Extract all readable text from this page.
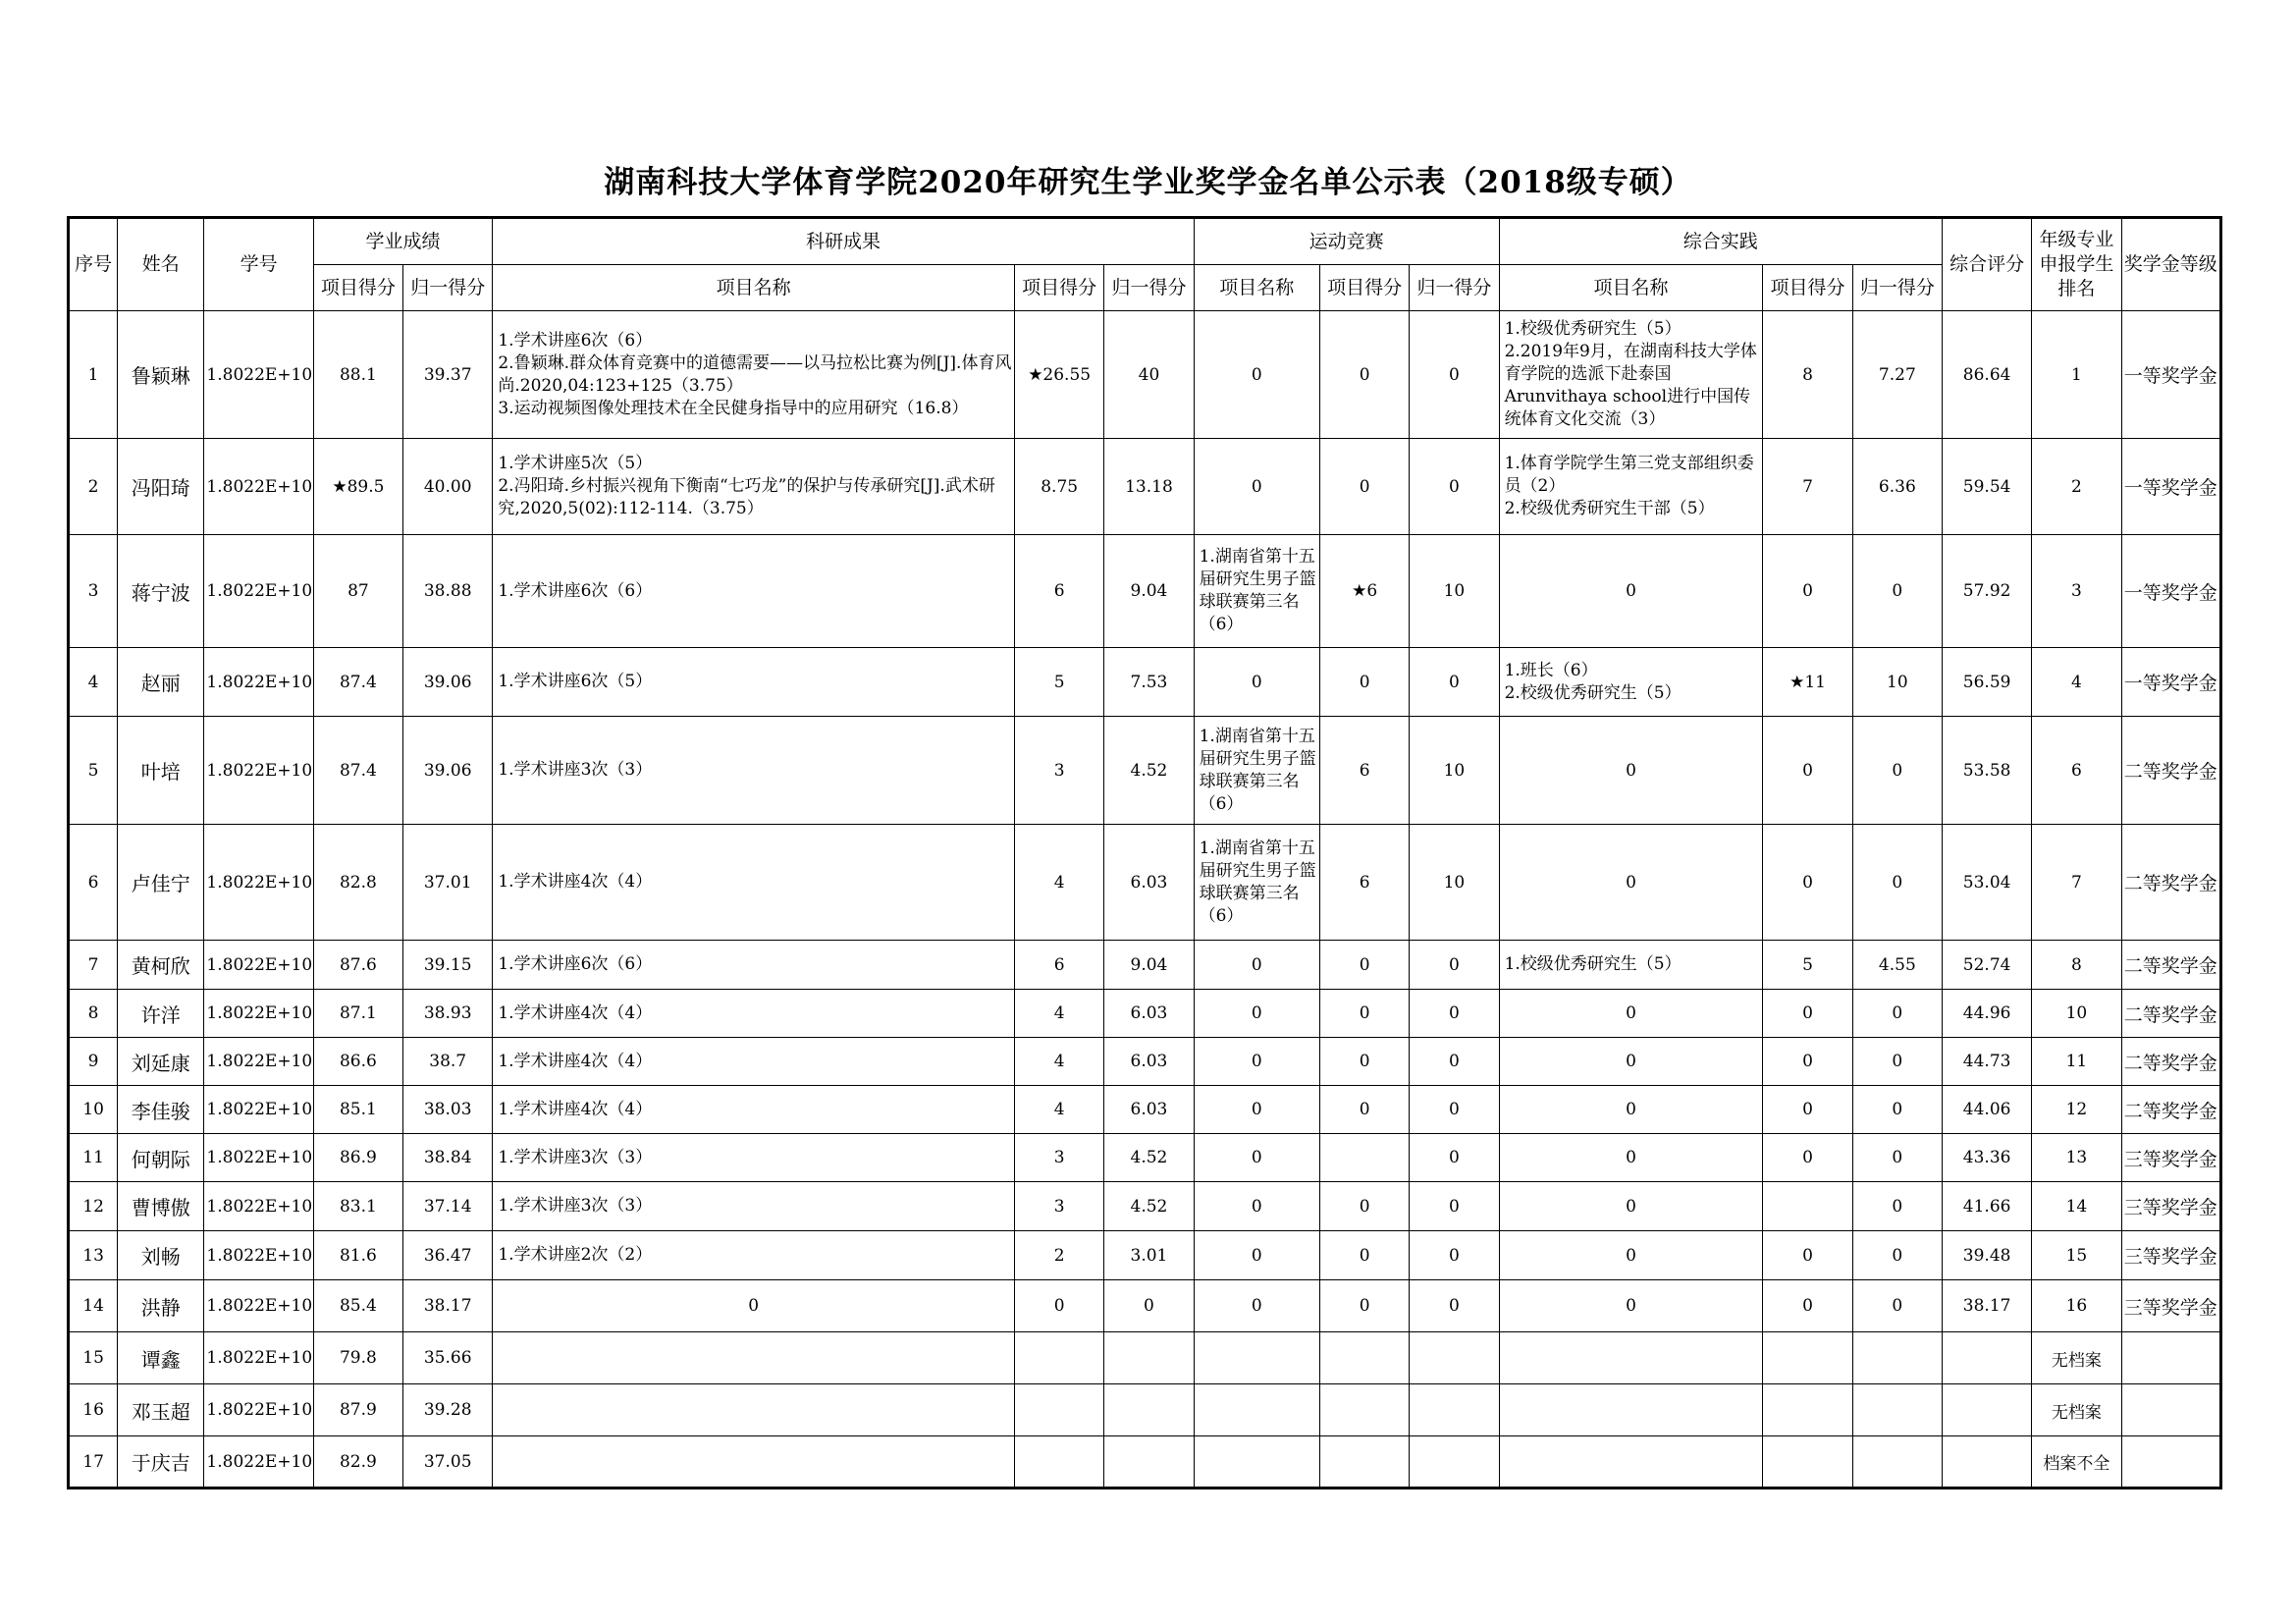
湖南科技大学体育学院2020年研究生学业奖学金名单公示表（2018级专硕）
序号	姓名	学号	学业成绩		科研成果			运动竞赛			综合实践			综合评分	年级专业申报学生排名	奖学金等级
			项目得分	归一得分	项目名称	项目得分	归一得分	项目名称	项目得分	归一得分	项目名称	项目得分	归一得分			
1	鲁颖琳	1.8022E+10	88.1	39.37	1.学术讲座6次（6）
2.鲁颖琳.群众体育竞赛中的道德需要——以马拉松比赛为例[J].体育风尚.2020,04:123+125（3.75）
3.运动视频图像处理技术在全民健身指导中的应用研究（16.8）	★26.55	40	0	0	0	1.校级优秀研究生（5）
2.2019年9月，在湖南科技大学体育学院的选派下赴泰国Arunvithaya school进行中国传统体育文化交流（3）	8	7.27	86.64	1	一等奖学金
2	冯阳琦	1.8022E+10	★89.5	40.00	1.学术讲座5次（5）
2.冯阳琦.乡村振兴视角下衡南“七巧龙”的保护与传承研究[J].武术研究,2020,5(02):112-114.（3.75）	8.75	13.18	0	0	0	1.体育学院学生第三党支部组织委员（2）
2.校级优秀研究生干部（5）	7	6.36	59.54	2	一等奖学金
3	蒋宁波	1.8022E+10	87	38.88	1.学术讲座6次（6）	6	9.04	1.湖南省第十五届研究生男子篮球联赛第三名（6）	★6	10	0	0	0	57.92	3	一等奖学金
4	赵丽	1.8022E+10	87.4	39.06	1.学术讲座6次（5）	5	7.53	0	0	0	1.班长（6）
2.校级优秀研究生（5）	★11	10	56.59	4	一等奖学金
5	叶培	1.8022E+10	87.4	39.06	1.学术讲座3次（3）	3	4.52	1.湖南省第十五届研究生男子篮球联赛第三名（6）	6	10	0	0	0	53.58	6	二等奖学金
6	卢佳宁	1.8022E+10	82.8	37.01	1.学术讲座4次（4）	4	6.03	1.湖南省第十五届研究生男子篮球联赛第三名（6）	6	10	0	0	0	53.04	7	二等奖学金
7	黄柯欣	1.8022E+10	87.6	39.15	1.学术讲座6次（6）	6	9.04	0	0	0	1.校级优秀研究生（5）	5	4.55	52.74	8	二等奖学金
8	许洋	1.8022E+10	87.1	38.93	1.学术讲座4次（4）	4	6.03	0	0	0	0	0	0	44.96	10	二等奖学金
9	刘延康	1.8022E+10	86.6	38.7	1.学术讲座4次（4）	4	6.03	0	0	0	0	0	0	44.73	11	二等奖学金
10	李佳骏	1.8022E+10	85.1	38.03	1.学术讲座4次（4）	4	6.03	0	0	0	0	0	0	44.06	12	二等奖学金
11	何朝际	1.8022E+10	86.9	38.84	1.学术讲座3次（3）	3	4.52	0		0	0	0	0	43.36	13	三等奖学金
12	曹博傲	1.8022E+10	83.1	37.14	1.学术讲座3次（3）	3	4.52	0	0	0	0		0	41.66	14	三等奖学金
13	刘畅	1.8022E+10	81.6	36.47	1.学术讲座2次（2）	2	3.01	0	0	0	0	0	0	39.48	15	三等奖学金
14	洪静	1.8022E+10	85.4	38.17	0	0	0	0	0	0	0	0	0	38.17	16	三等奖学金
15	谭鑫	1.8022E+10	79.8	35.66											无档案	
16	邓玉超	1.8022E+10	87.9	39.28											无档案	
17	于庆吉	1.8022E+10	82.9	37.05											档案不全	
